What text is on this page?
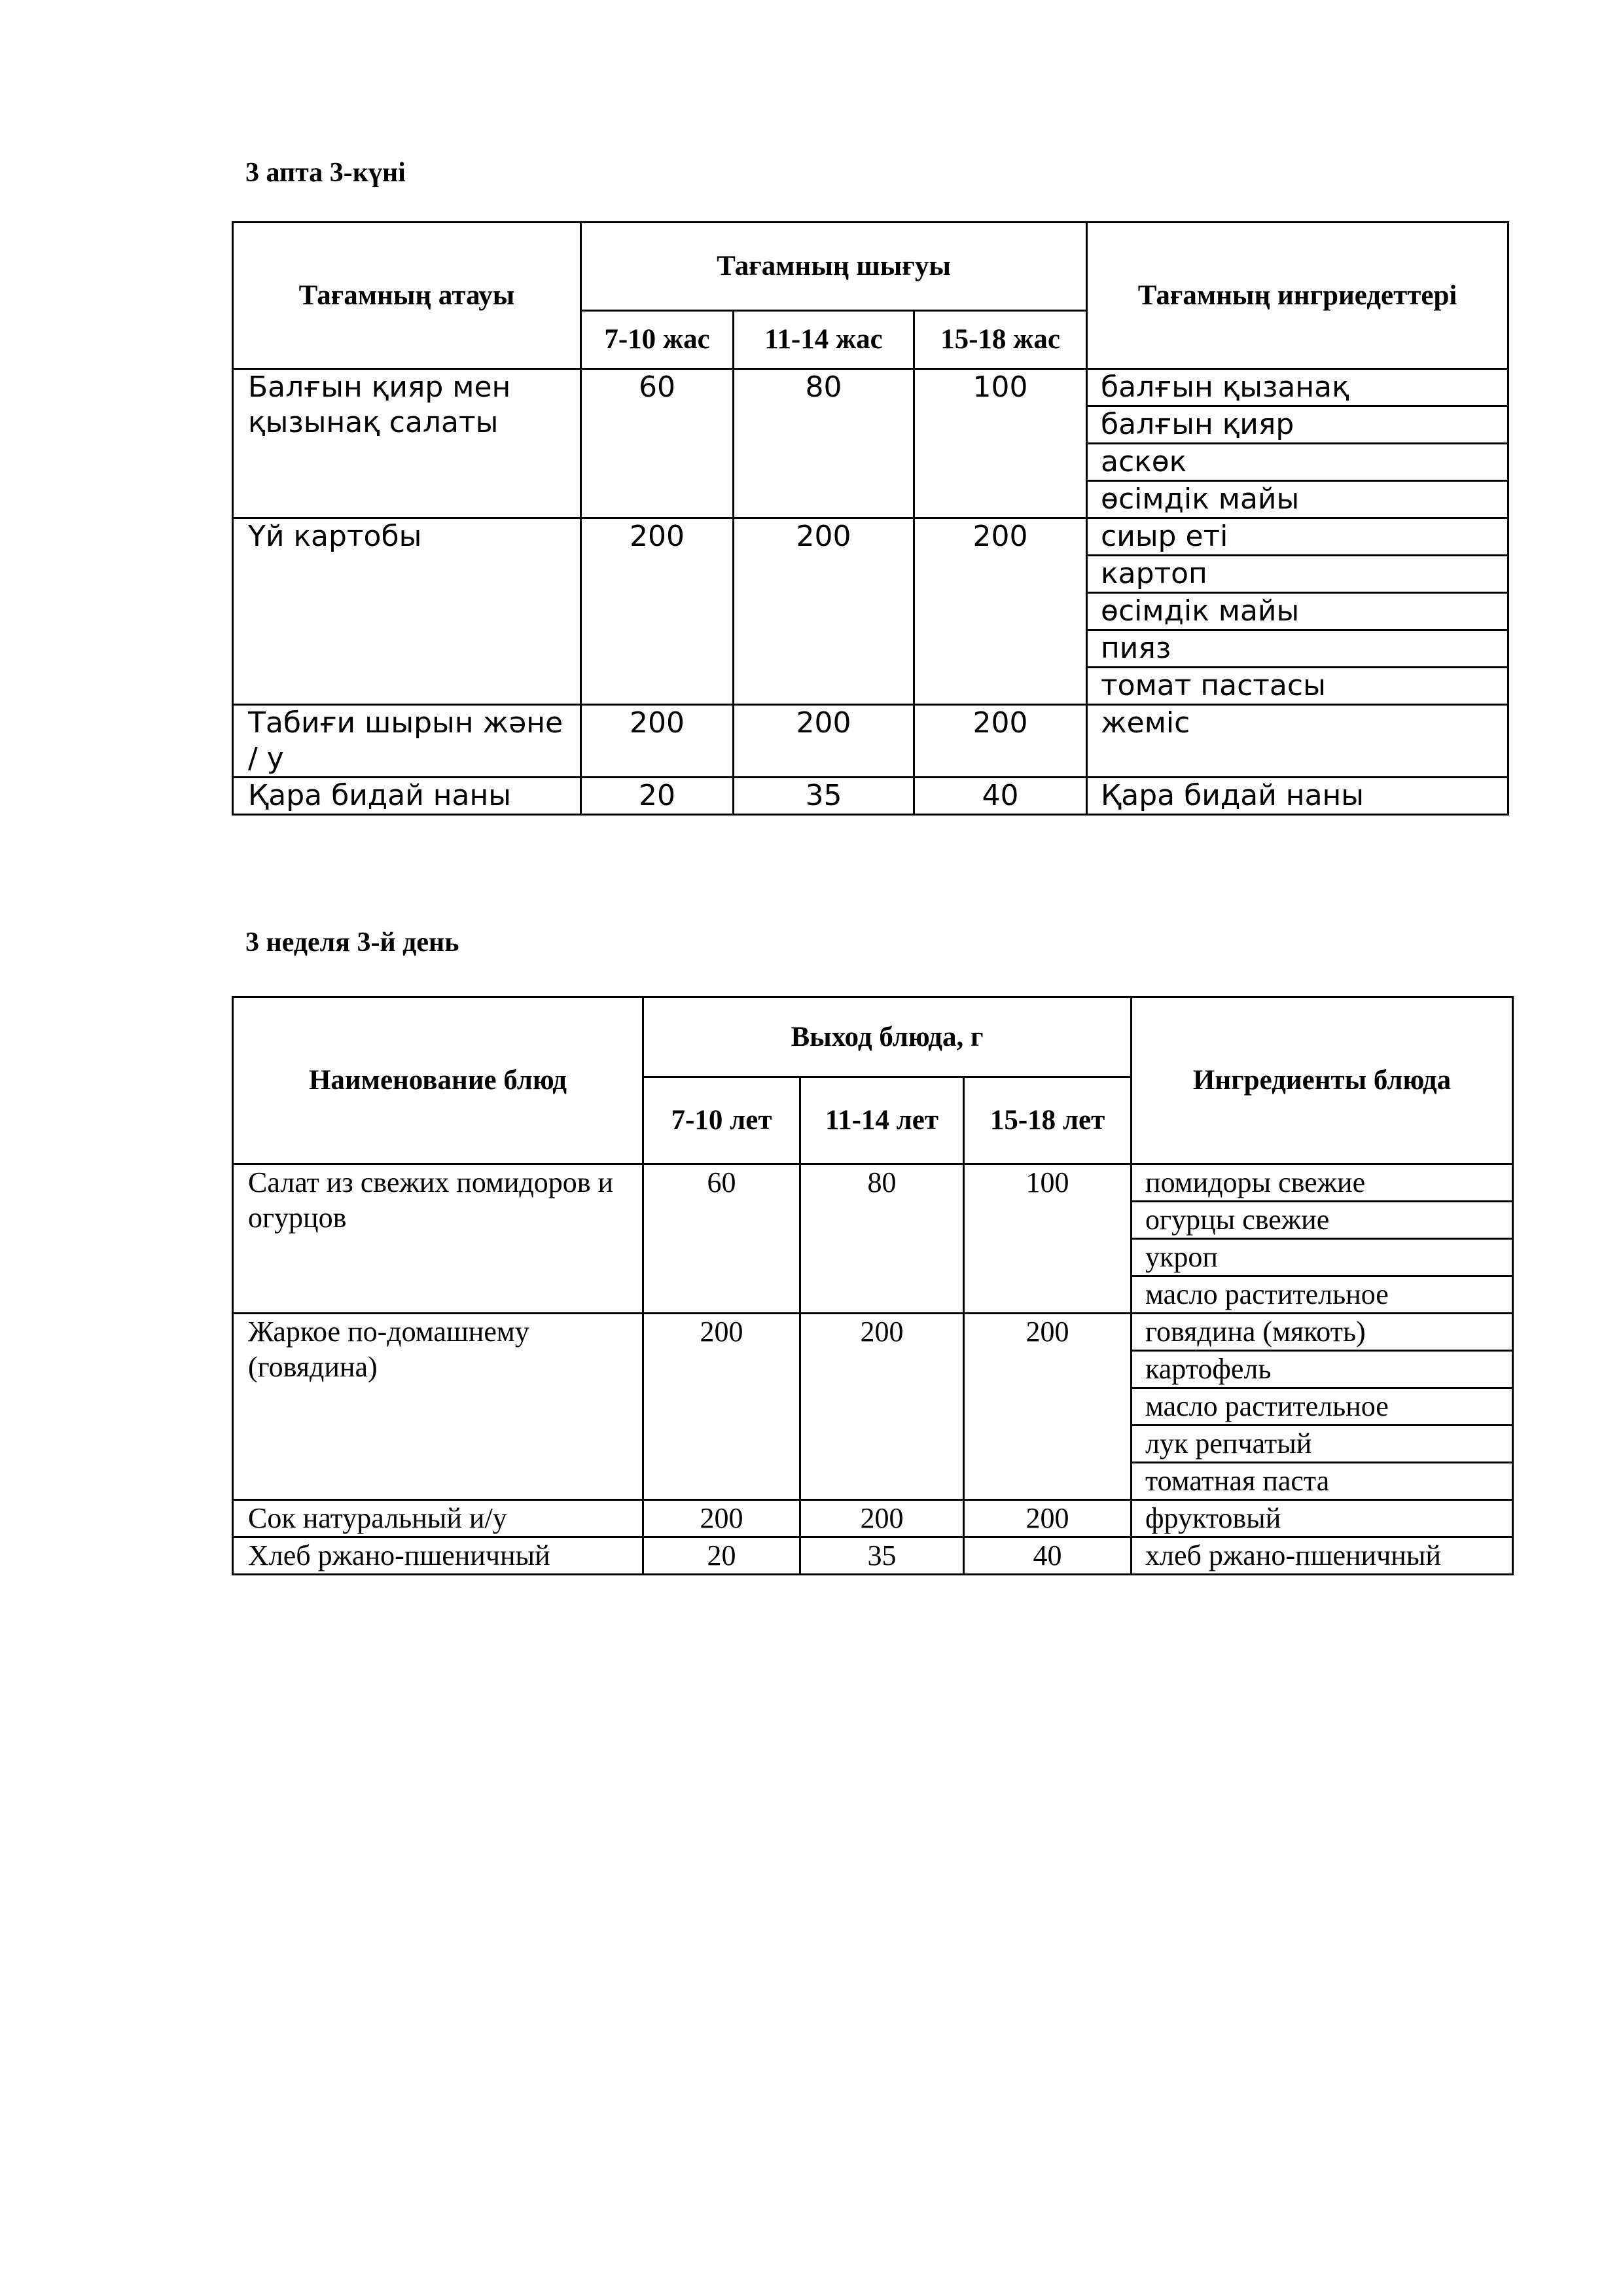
3 апта 3-күні
Тағамның атауы	Тағамның шығуы			Тағамның ингриедеттері
	7-10 жас	11-14 жас	15-18 жас	
Балғын қияр мен қызынақ салаты	60	80	100	балғын қызанақ
				балғын қияр
				аскөк
				өсімдік майы
Үй картобы	200	200	200	сиыр еті
				картоп
				өсімдік майы
				пияз
				томат пастасы
Табиғи шырын және / у	200	200	200	жеміс
Қара бидай наны	20	35	40	Қара бидай наны
3 неделя 3-й день
Наименование блюд	Выход блюда, г			Ингредиенты блюда
	7-10 лет	11-14 лет	15-18 лет	
Салат из свежих помидоров и огурцов	60	80	100	помидоры свежие
				огурцы свежие
				укроп
				масло растительное
Жаркое по-домашнему (говядина)	200	200	200	говядина (мякоть)
				картофель
				масло растительное
				лук репчатый
				томатная паста
Сок натуральный и/у	200	200	200	фруктовый
Хлеб ржано-пшеничный	20	35	40	хлеб ржано-пшеничный
